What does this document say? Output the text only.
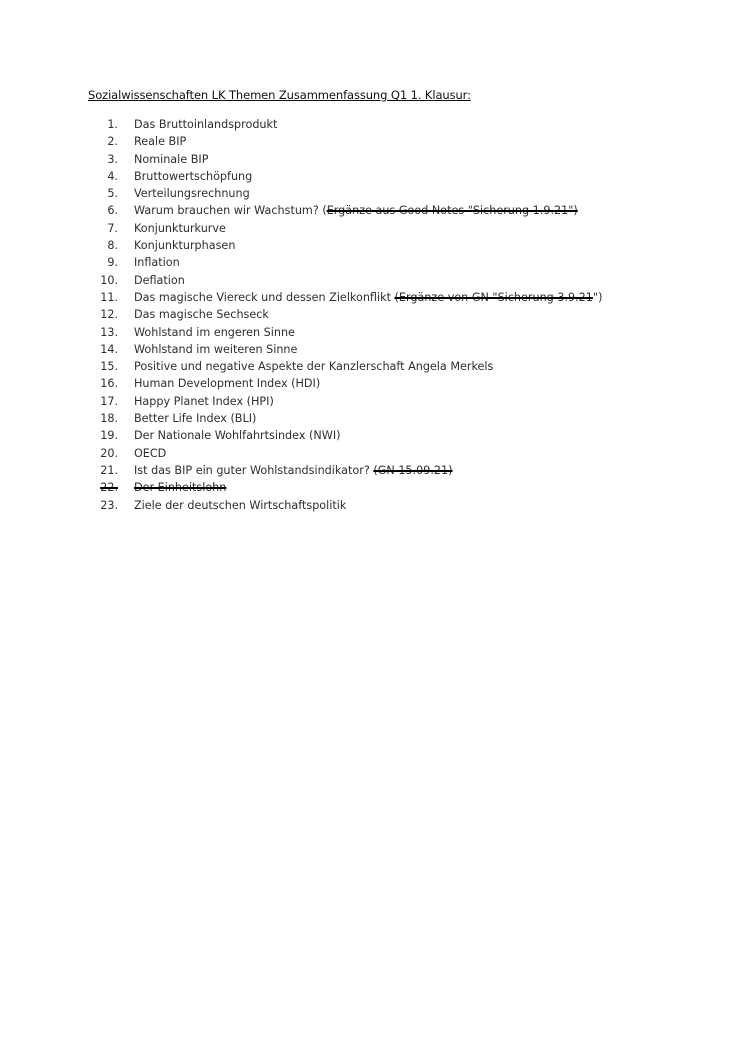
Sozialwissenschaften LK Themen Zusammenfassung Q1 1. Klausur:
1. Das Bruttoinlandsprodukt
2. Reale BIP
3. Nominale BIP
4. Bruttowertschöpfung
5. Verteilungsrechnung
6. Warum brauchen wir Wachstum? (Ergänze aus Good Notes "Sicherung 1.9.21")
7. Konjunkturkurve
8. Konjunkturphasen
9. Inflation
10. Deflation
11. Das magische Viereck und dessen Zielkonflikt (Ergänze von GN "Sicherung 3.9.21")
12. Das magische Sechseck
13. Wohlstand im engeren Sinne
14. Wohlstand im weiteren Sinne
15. Positive und negative Aspekte der Kanzlerschaft Angela Merkels
16. Human Development Index (HDI)
17. Happy Planet Index (HPI)
18. Better Life Index (BLI)
19. Der Nationale Wohlfahrtsindex (NWI)
20. OECD
21. Ist das BIP ein guter Wohlstandsindikator? (GN 15.09.21)
22. Der Einheitslohn
23. Ziele der deutschen Wirtschaftspolitik
